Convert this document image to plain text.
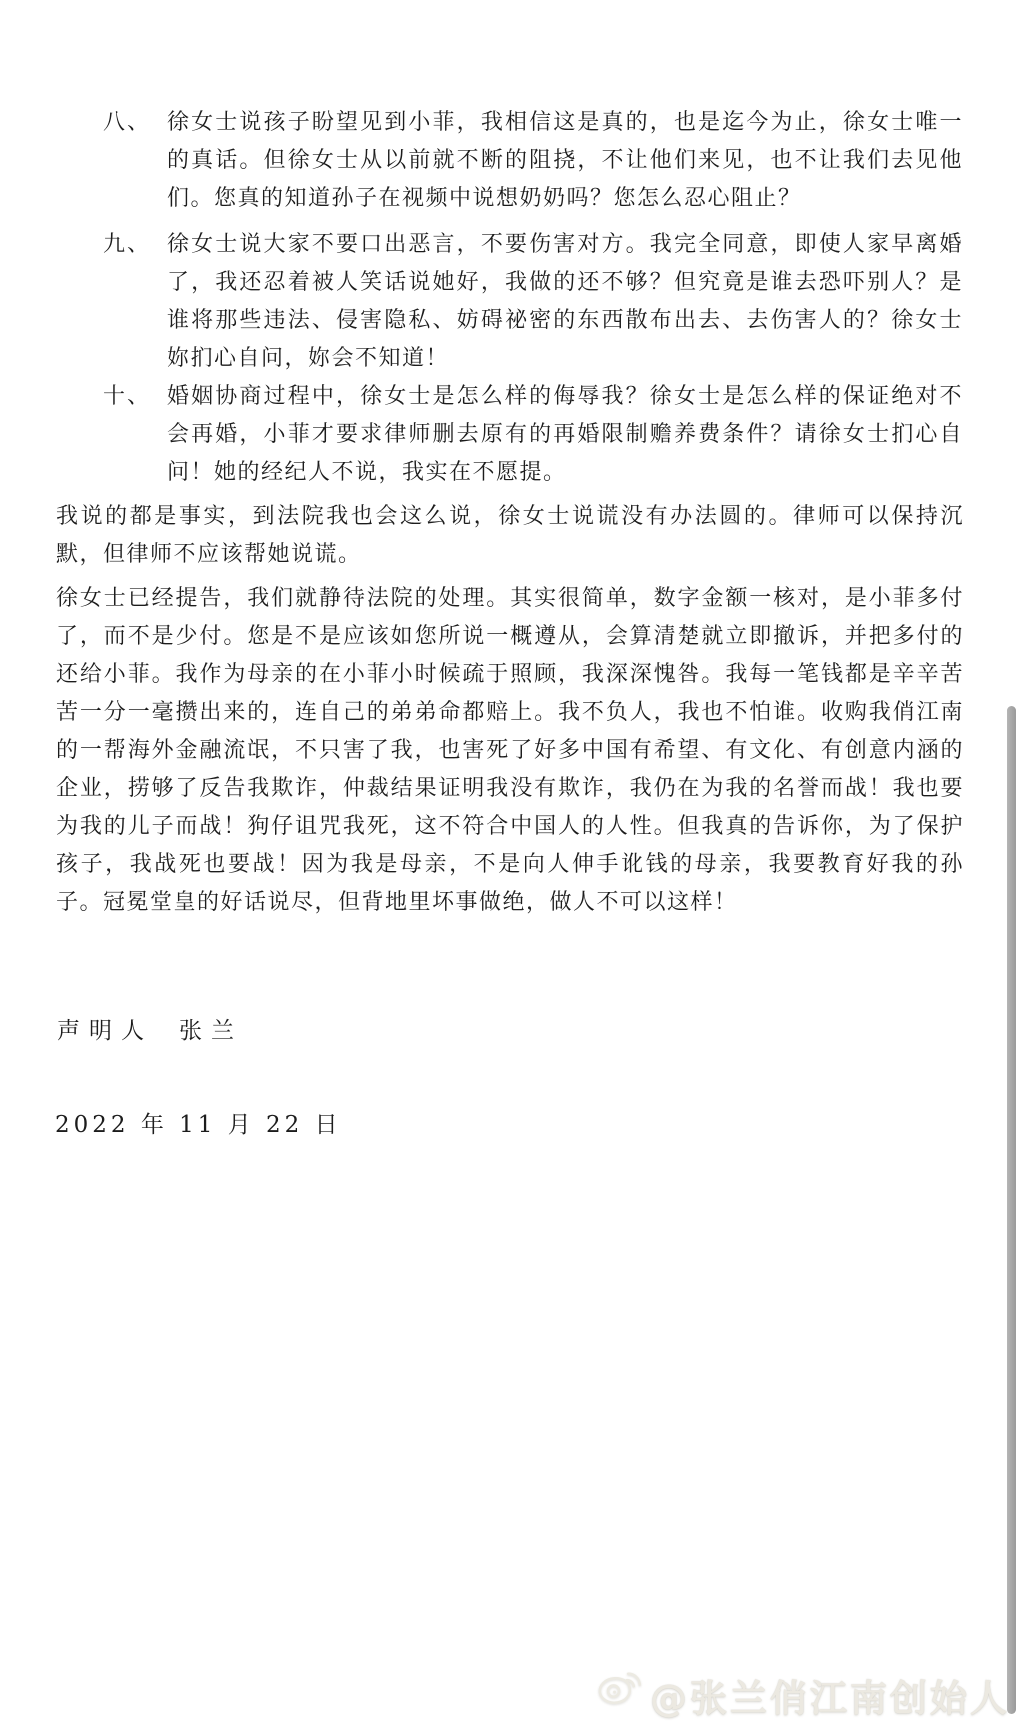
八、 徐女士说孩子盼望见到小菲，我相信这是真的，也是迄今为止，徐女士唯一的真话。但徐女士从以前就不断的阻挠，不让他们来见，也不让我们去见他们。您真的知道孙子在视频中说想奶奶吗？您怎么忍心阻止？
九、 徐女士说大家不要口出恶言，不要伤害对方。我完全同意，即使人家早离婚了，我还忍着被人笑话说她好，我做的还不够？但究竟是谁去恐吓别人？是谁将那些违法、侵害隐私、妨碍祕密的东西散布出去、去伤害人的？徐女士妳扪心自问，妳会不知道！
十、 婚姻协商过程中，徐女士是怎么样的侮辱我？徐女士是怎么样的保证绝对不会再婚，小菲才要求律师删去原有的再婚限制赡养费条件？请徐女士扪心自问！她的经纪人不说，我实在不愿提。
我说的都是事实，到法院我也会这么说，徐女士说谎没有办法圆的。律师可以保持沉默，但律师不应该帮她说谎。
徐女士已经提告，我们就静待法院的处理。其实很简单，数字金额一核对，是小菲多付了，而不是少付。您是不是应该如您所说一概遵从，会算清楚就立即撤诉，并把多付的还给小菲。我作为母亲的在小菲小时候疏于照顾，我深深愧咎。我每一笔钱都是辛辛苦苦一分一毫攒出来的，连自己的弟弟命都赔上。我不负人，我也不怕谁。收购我俏江南的一帮海外金融流氓，不只害了我，也害死了好多中国有希望、有文化、有创意内涵的企业，捞够了反告我欺诈，仲裁结果证明我没有欺诈，我仍在为我的名誉而战！我也要为我的儿子而战！狗仔诅咒我死，这不符合中国人的人性。但我真的告诉你，为了保护孩子，我战死也要战！因为我是母亲，不是向人伸手讹钱的母亲，我要教育好我的孙子。冠冕堂皇的好话说尽，但背地里坏事做绝，做人不可以这样！
声明人 张兰
2022 年 11 月 22 日
@张兰俏江南创始人
